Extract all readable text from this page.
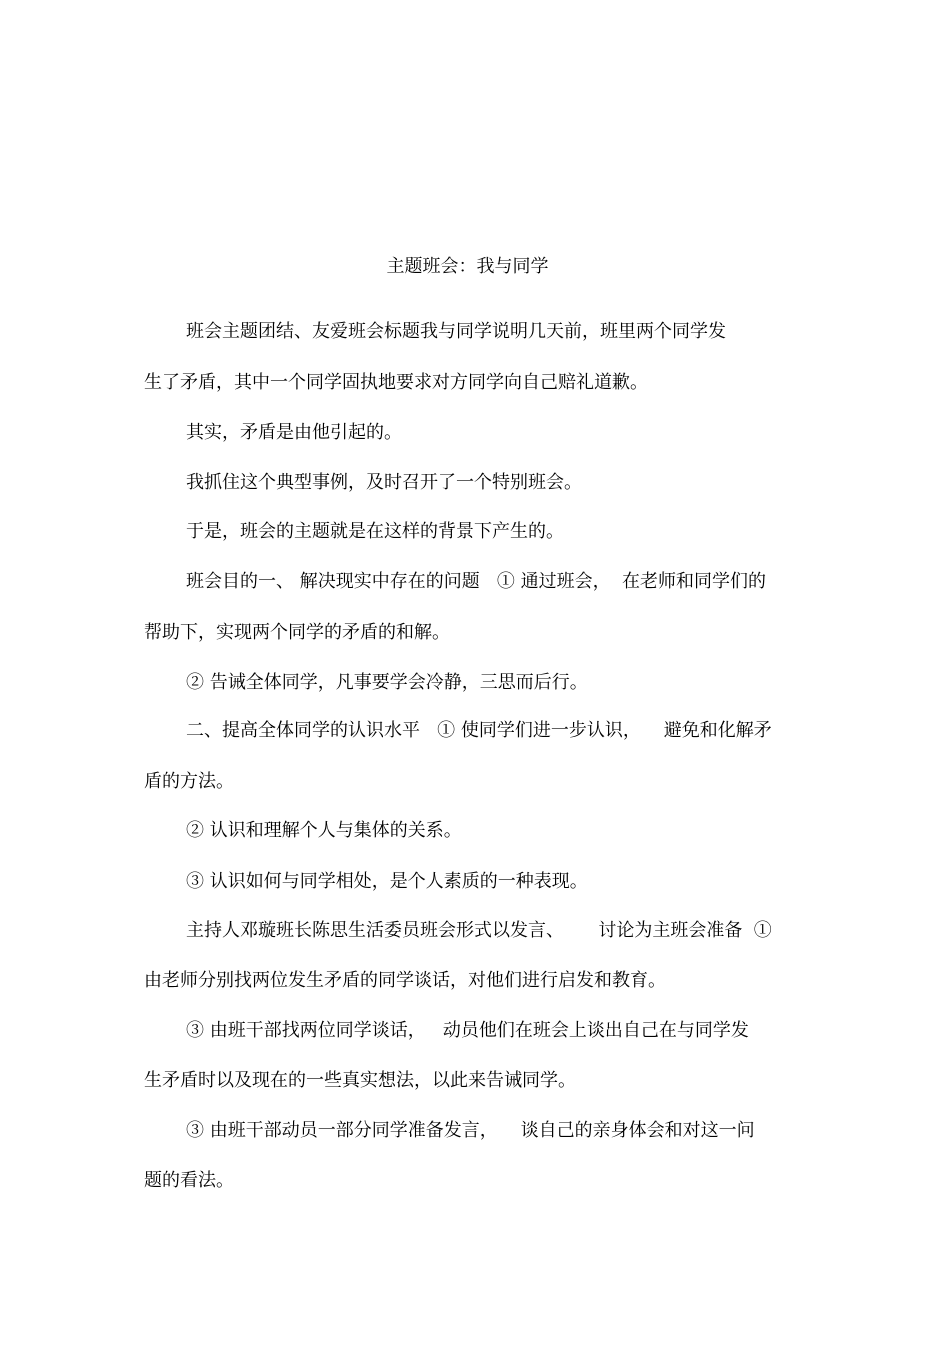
主题班会：我与同学
班会主题团结、友爱班会标题我与同学说明几天前，班里两个同学发
生了矛盾，其中一个同学固执地要求对方同学向自己赔礼道歉。
其实，矛盾是由他引起的。
我抓住这个典型事例，及时召开了一个特别班会。
于是，班会的主题就是在这样的背景下产生的。
班会目的一、 解决现实中存在的问题   ① 通过班会，  在老师和同学们的
帮助下，实现两个同学的矛盾的和解。
② 告诫全体同学，凡事要学会冷静，三思而后行。
二、提高全体同学的认识水平   ① 使同学们进一步认识，    避免和化解矛
盾的方法。
② 认识和理解个人与集体的关系。
③ 认识如何与同学相处，是个人素质的一种表现。
主持人邓璇班长陈思生活委员班会形式以发言、      讨论为主班会准备  ①
由老师分别找两位发生矛盾的同学谈话，对他们进行启发和教育。
③ 由班干部找两位同学谈话，   动员他们在班会上谈出自己在与同学发
生矛盾时以及现在的一些真实想法，以此来告诫同学。
③ 由班干部动员一部分同学准备发言，    谈自己的亲身体会和对这一问
题的看法。
